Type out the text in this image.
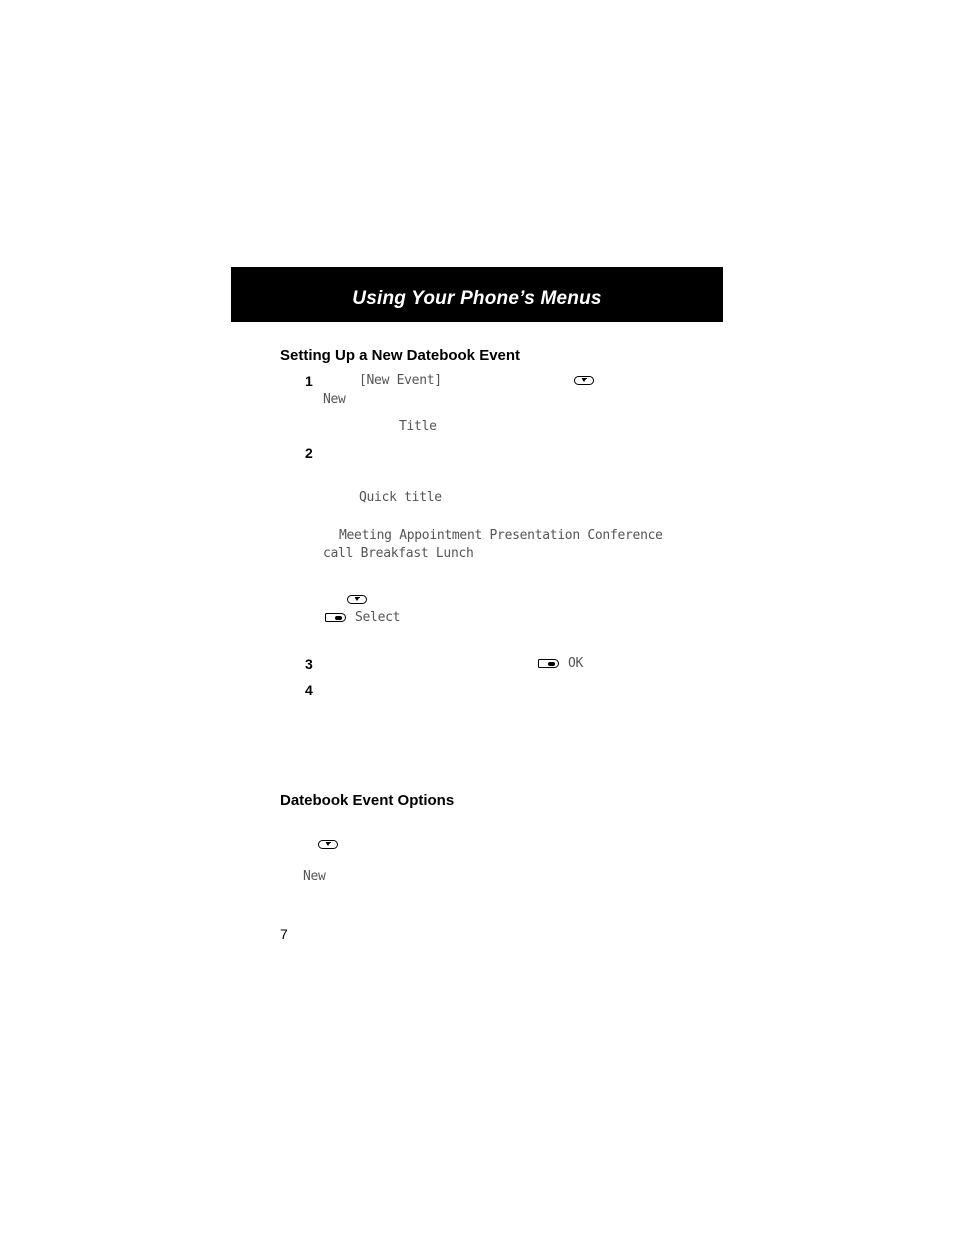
Using Your Phone’s Menus
Setting Up a New Datebook Event
1	[New Event]
New
Title
2
Quick title
Meeting Appointment Presentation Conference
call Breakfast Lunch
Select
3	OK
4
Datebook Event Options
New
7
